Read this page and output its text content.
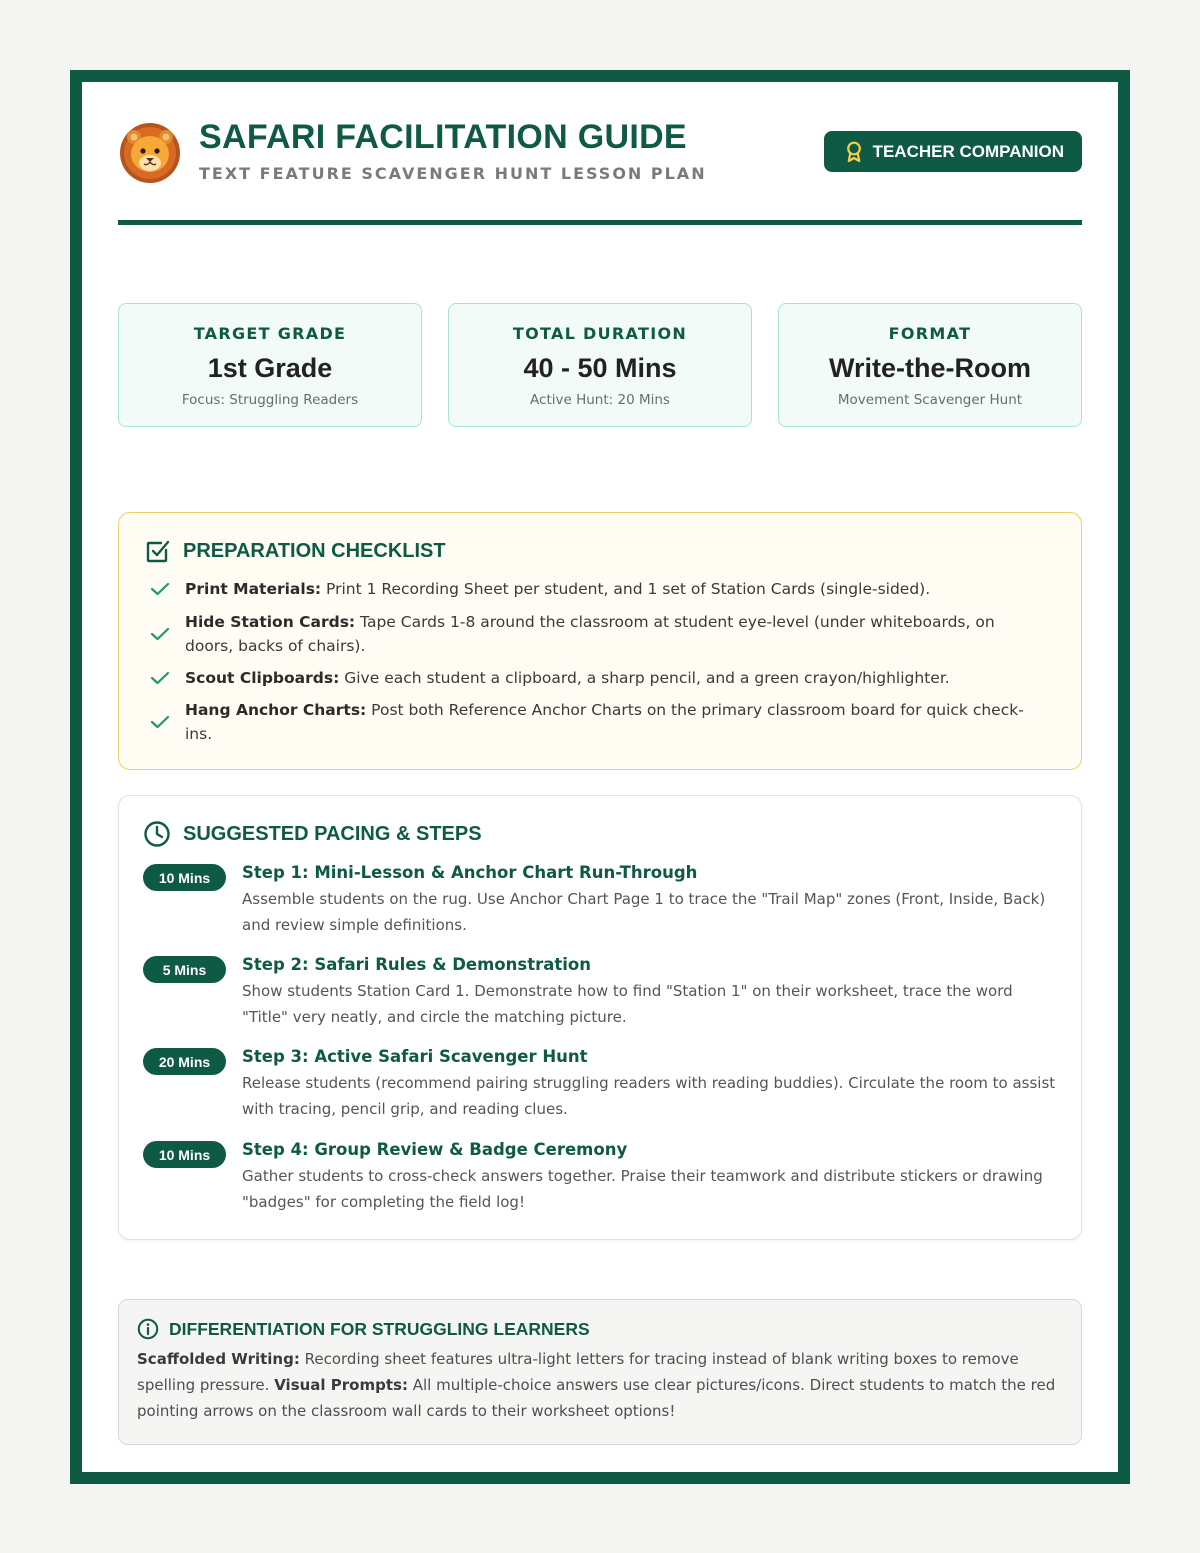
SAFARI FACILITATION GUIDE
TEXT FEATURE SCAVENGER HUNT LESSON PLAN
TEACHER COMPANION
TARGET GRADE
1st Grade
Focus: Struggling Readers
TOTAL DURATION
40 - 50 Mins
Active Hunt: 20 Mins
FORMAT
Write-the-Room
Movement Scavenger Hunt
PREPARATION CHECKLIST
Print Materials: Print 1 Recording Sheet per student, and 1 set of Station Cards (single-sided).
Hide Station Cards: Tape Cards 1-8 around the classroom at student eye-level (under whiteboards, on doors, backs of chairs).
Scout Clipboards: Give each student a clipboard, a sharp pencil, and a green crayon/highlighter.
Hang Anchor Charts: Post both Reference Anchor Charts on the primary classroom board for quick check-ins.
SUGGESTED PACING & STEPS
10 Mins	Step 1: Mini-Lesson & Anchor Chart Run-Through
Assemble students on the rug. Use Anchor Chart Page 1 to trace the "Trail Map" zones (Front, Inside, Back) and review simple definitions.
5 Mins	Step 2: Safari Rules & Demonstration
Show students Station Card 1. Demonstrate how to find "Station 1" on their worksheet, trace the word "Title" very neatly, and circle the matching picture.
20 Mins	Step 3: Active Safari Scavenger Hunt
Release students (recommend pairing struggling readers with reading buddies). Circulate the room to assist with tracing, pencil grip, and reading clues.
10 Mins	Step 4: Group Review & Badge Ceremony
Gather students to cross-check answers together. Praise their teamwork and distribute stickers or drawing "badges" for completing the field log!
DIFFERENTIATION FOR STRUGGLING LEARNERS
Scaffolded Writing: Recording sheet features ultra-light letters for tracing instead of blank writing boxes to remove spelling pressure. Visual Prompts: All multiple-choice answers use clear pictures/icons. Direct students to match the red pointing arrows on the classroom wall cards to their worksheet options!
